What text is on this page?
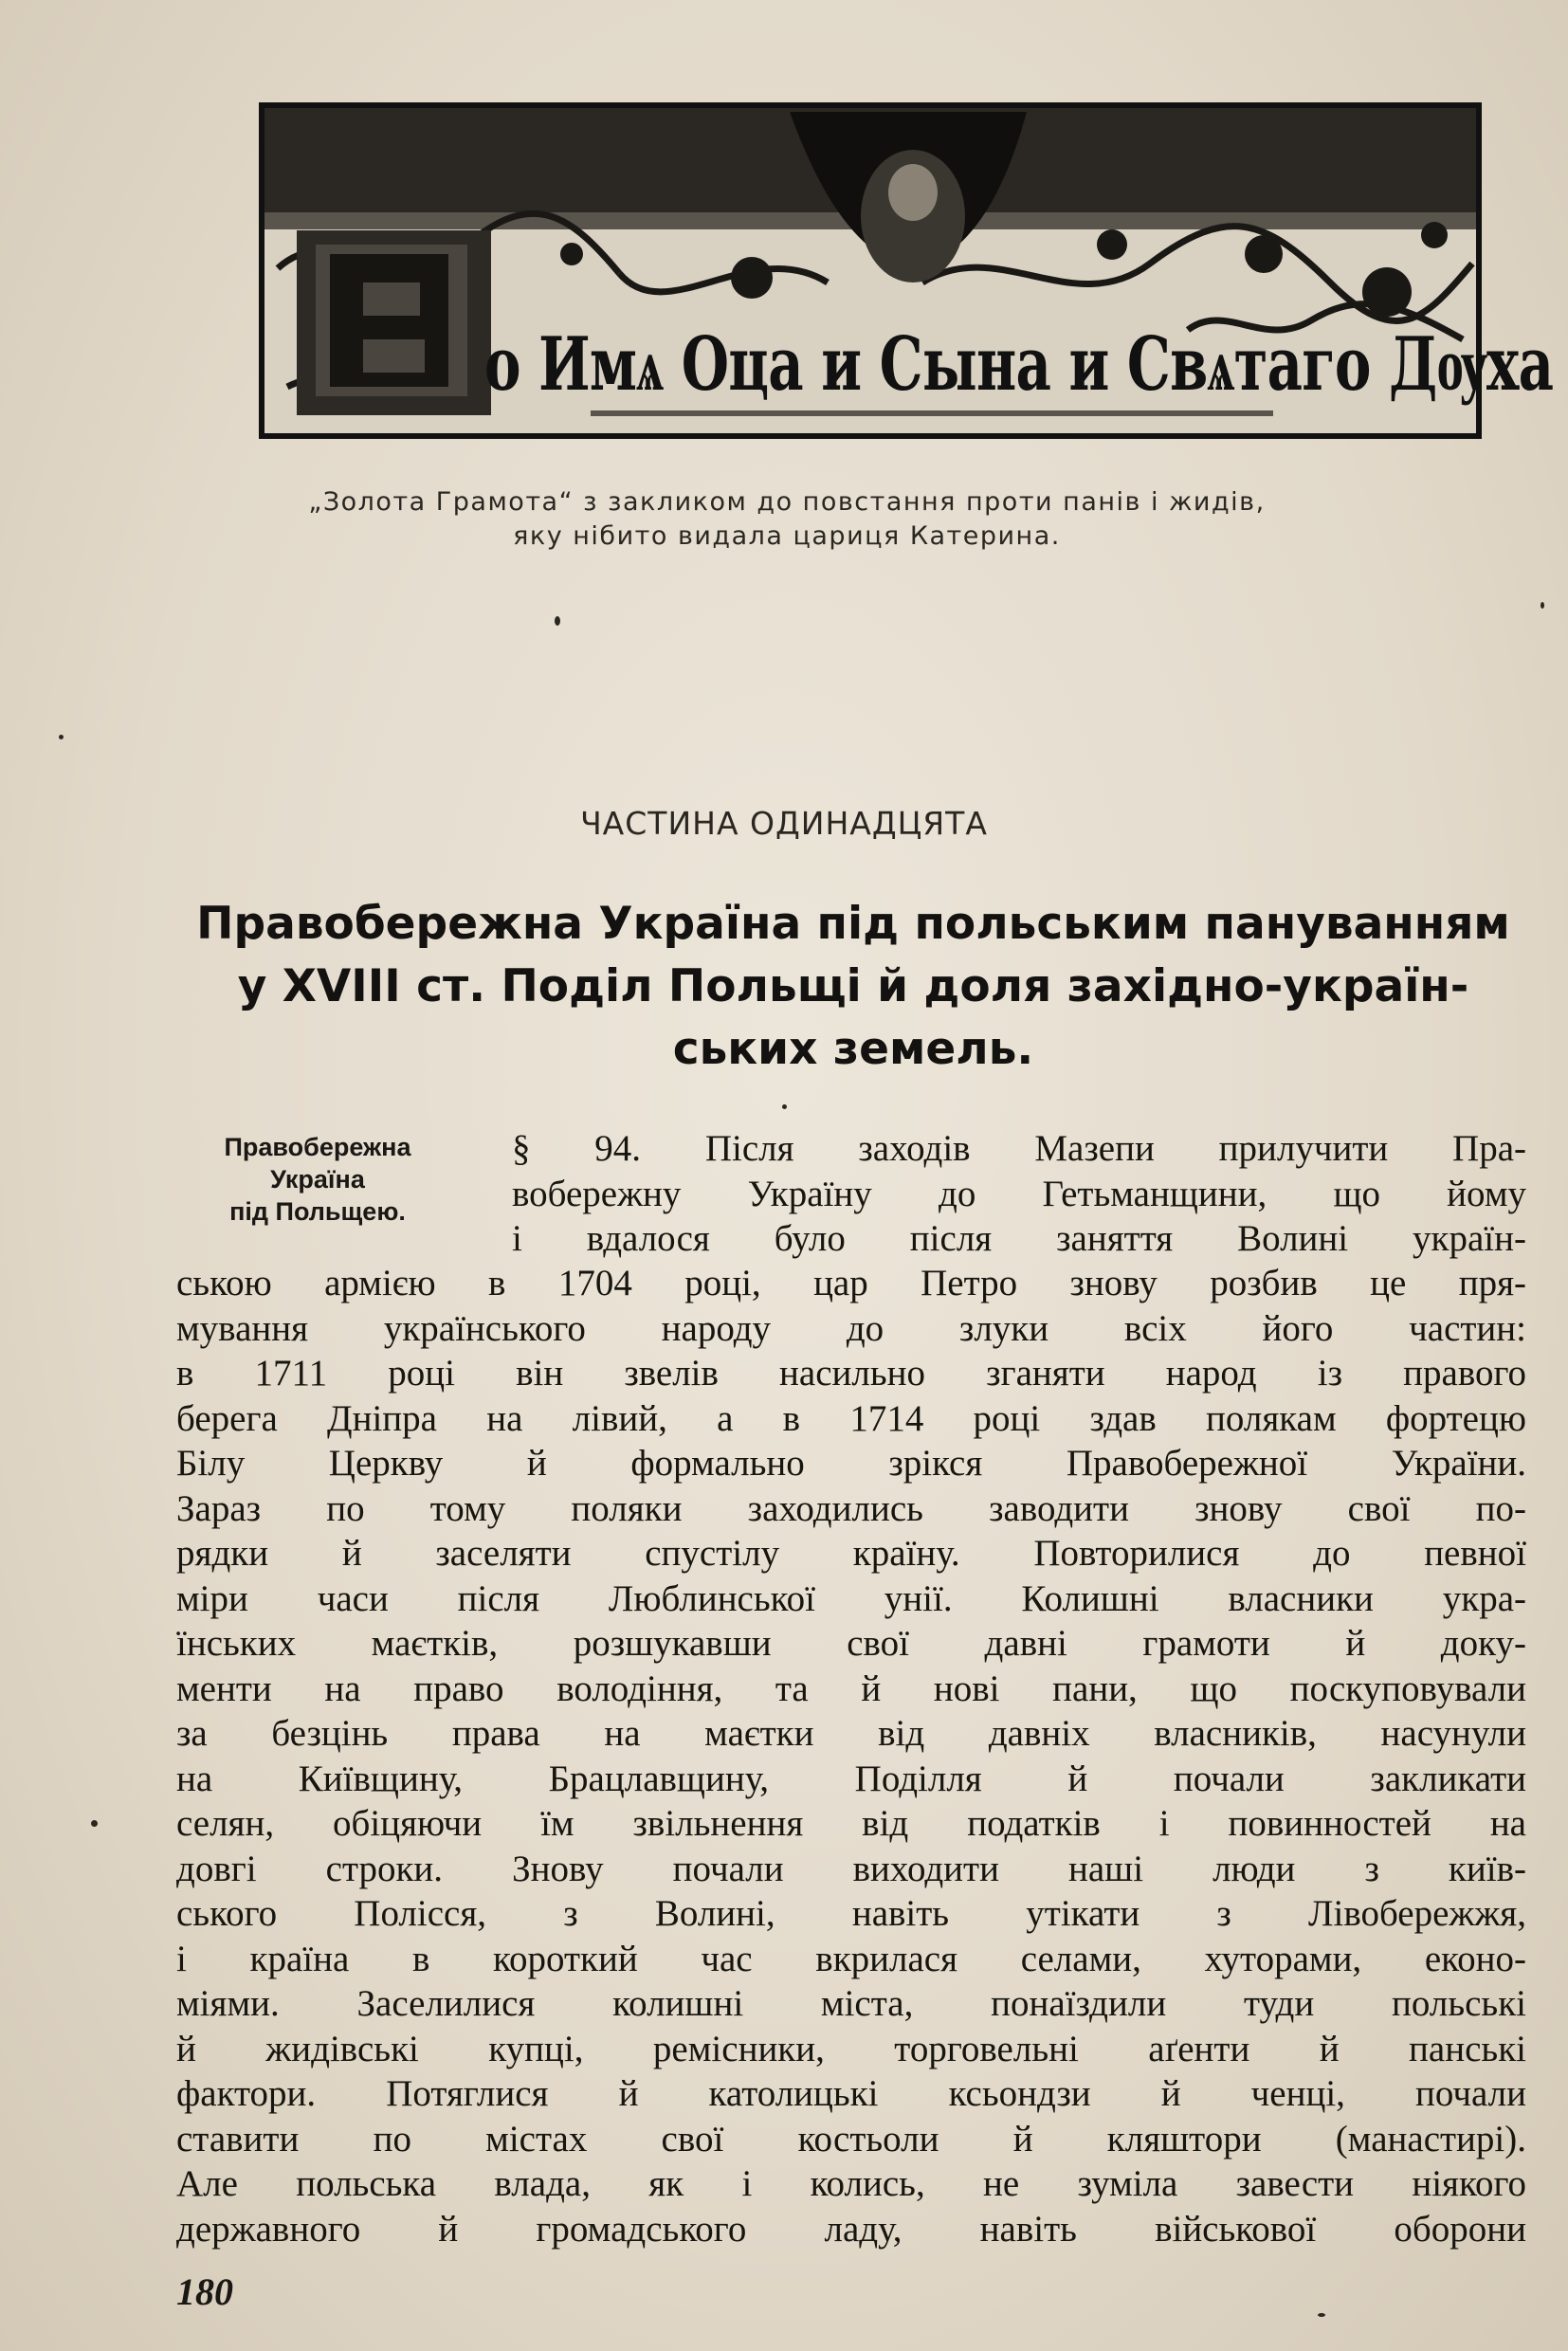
о Имѧ Оца и Сына и Свѧтаго Дѹха
„Золота Грамота“ з закликом до повстання проти панів і жидів,
яку нібито видала цариця Катерина.
ЧАСТИНА ОДИНАДЦЯТА
Правобережна Україна під польським пануванням
у XVIII ст. Поділ Польщі й доля західно-україн-
ських земель.
Правобережна
Україна
під Польщею.
§ 94. Після заходів Мазепи прилучити Пра-
вобережну Україну до Гетьманщини, що йому
і вдалося було після заняття Волині україн-
ською армією в 1704 році, цар Петро знову розбив це пря-
мування українського народу до злуки всіх його частин:
в 1711 році він звелів насильно зганяти народ із правого
берега Дніпра на лівий, а в 1714 році здав полякам фортецю
Білу Церкву й формально зрікся Правобережної України.
Зараз по тому поляки заходились заводити знову свої по-
рядки й заселяти спустілу країну. Повторилися до певної
міри часи після Люблинської унії. Колишні власники укра-
їнських маєтків, розшукавши свої давні грамоти й доку-
менти на право володіння, та й нові пани, що поскуповували
за безцінь права на маєтки від давніх власників, насунули
на Київщину, Брацлавщину, Поділля й почали закликати
селян, обіцяючи їм звільнення від податків і повинностей на
довгі строки. Знову почали виходити наші люди з київ-
ського Полісся, з Волині, навіть утікати з Лівобережжя,
і країна в короткий час вкрилася селами, хуторами, еконо-
міями. Заселилися колишні міста, понаїздили туди польські
й жидівські купці, ремісники, торговельні аґенти й панські
фактори. Потяглися й католицькі ксьондзи й ченці, почали
ставити по містах свої костьоли й кляштори (манастирі).
Але польська влада, як і колись, не зуміла завести ніякого
державного й громадського ладу, навіть військової оборони
180
